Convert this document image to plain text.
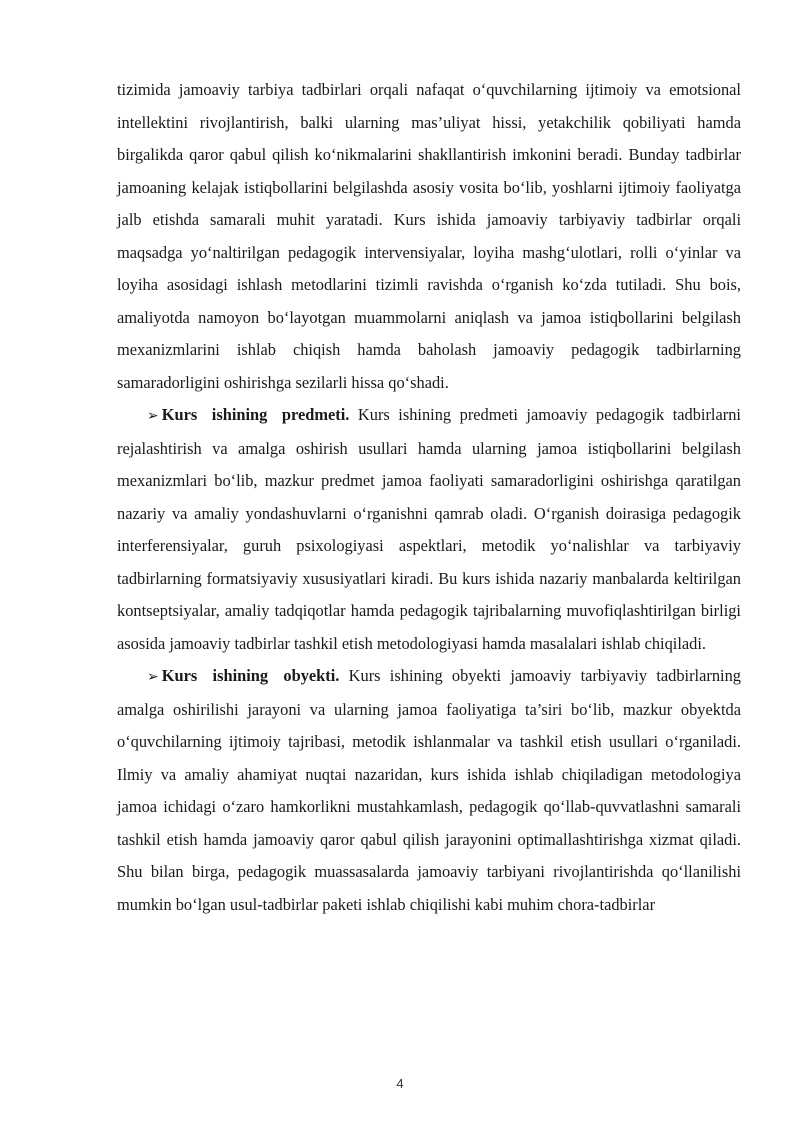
tizimida jamoaviy tarbiya tadbirlari orqali nafaqat o‘quvchilarning ijtimoiy va emotsional intellektini rivojlantirish, balki ularning mas’uliyat hissi, yetakchilik qobiliyati hamda birgalikda qaror qabul qilish ko‘nikmalarini shakllantirish imkonini beradi. Bunday tadbirlar jamoaning kelajak istiqbollarini belgilashda asosiy vosita bo‘lib, yoshlarni ijtimoiy faoliyatga jalb etishda samarali muhit yaratadi. Kurs ishida jamoaviy tarbiyaviy tadbirlar orqali maqsadga yo‘naltirilgan pedagogik intervensiyalar, loyiha mashg‘ulotlari, rolli o‘yinlar va loyiha asosidagi ishlash metodlarini tizimli ravishda o‘rganish ko‘zda tutiladi. Shu bois, amaliyotda namoyon bo‘layotgan muammolarni aniqlash va jamoa istiqbollarini belgilash mexanizmlarini ishlab chiqish hamda baholash jamoaviy pedagogik tadbirlarning samaradorligini oshirishga sezilarli hissa qo‘shadi.

➢ Kurs ishining predmeti. Kurs ishining predmeti jamoaviy pedagogik tadbirlarni rejalashtirish va amalga oshirish usullari hamda ularning jamoa istiqbollarini belgilash mexanizmlari bo‘lib, mazkur predmet jamoa faoliyati samaradorligini oshirishga qaratilgan nazariy va amaliy yondashuvlarni o‘rganishni qamrab oladi. O‘rganish doirasiga pedagogik interferensiyalar, guruh psixologiyasi aspektlari, metodik yo‘nalishlar va tarbiyaviy tadbirlarning formatsiyaviy xususiyatlari kiradi. Bu kurs ishida nazariy manbalarda keltirilgan kontseptsiyalar, amaliy tadqiqotlar hamda pedagogik tajribalarning muvofiqlashtirilgan birligi asosida jamoaviy tadbirlar tashkil etish metodologiyasi hamda masalalari ishlab chiqiladi.

➢ Kurs ishining obyekti. Kurs ishining obyekti jamoaviy tarbiyaviy tadbirlarning amalga oshirilishi jarayoni va ularning jamoa faoliyatiga ta’siri bo‘lib, mazkur obyektda o‘quvchilarning ijtimoiy tajribasi, metodik ishlanmalar va tashkil etish usullari o‘rganiladi. Ilmiy va amaliy ahamiyat nuqtai nazaridan, kurs ishida ishlab chiqiladigan metodologiya jamoa ichidagi o‘zaro hamkorlikni mustahkamlash, pedagogik qo‘llab-quvvatlashni samarali tashkil etish hamda jamoaviy qaror qabul qilish jarayonini optimallashtirishga xizmat qiladi. Shu bilan birga, pedagogik muassasalarda jamoaviy tarbiyani rivojlantirishda qo‘llanilishi mumkin bo‘lgan usul-tadbirlar paketi ishlab chiqilishi kabi muhim chora-tadbirlar

4
